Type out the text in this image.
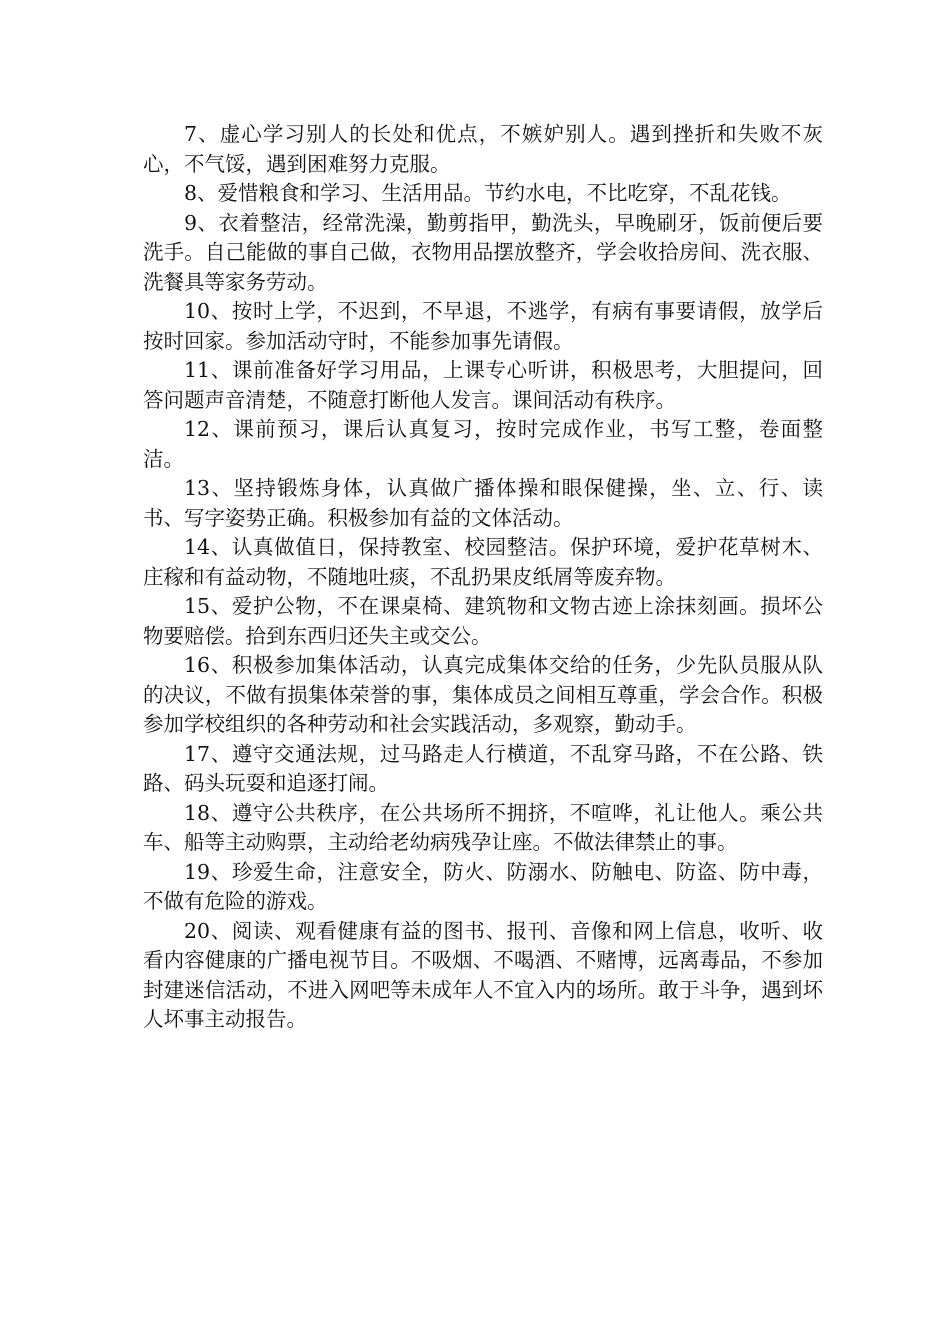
7、虚心学习别人的长处和优点，不嫉妒别人。遇到挫折和失败不灰心，不气馁，遇到困难努力克服。

8、爱惜粮食和学习、生活用品。节约水电，不比吃穿，不乱花钱。

9、衣着整洁，经常洗澡，勤剪指甲，勤洗头，早晚刷牙，饭前便后要洗手。自己能做的事自己做，衣物用品摆放整齐，学会收拾房间、洗衣服、洗餐具等家务劳动。

10、按时上学，不迟到，不早退，不逃学，有病有事要请假，放学后按时回家。参加活动守时，不能参加事先请假。

11、课前准备好学习用品，上课专心听讲，积极思考，大胆提问，回答问题声音清楚，不随意打断他人发言。课间活动有秩序。

12、课前预习，课后认真复习，按时完成作业，书写工整，卷面整洁。

13、坚持锻炼身体，认真做广播体操和眼保健操，坐、立、行、读书、写字姿势正确。积极参加有益的文体活动。

14、认真做值日，保持教室、校园整洁。保护环境，爱护花草树木、庄稼和有益动物，不随地吐痰，不乱扔果皮纸屑等废弃物。

15、爱护公物，不在课桌椅、建筑物和文物古迹上涂抹刻画。损坏公物要赔偿。拾到东西归还失主或交公。

16、积极参加集体活动，认真完成集体交给的任务，少先队员服从队的决议，不做有损集体荣誉的事，集体成员之间相互尊重，学会合作。积极参加学校组织的各种劳动和社会实践活动，多观察，勤动手。

17、遵守交通法规，过马路走人行横道，不乱穿马路，不在公路、铁路、码头玩耍和追逐打闹。

18、遵守公共秩序，在公共场所不拥挤，不喧哗，礼让他人。乘公共车、船等主动购票，主动给老幼病残孕让座。不做法律禁止的事。

19、珍爱生命，注意安全，防火、防溺水、防触电、防盗、防中毒，不做有危险的游戏。

20、阅读、观看健康有益的图书、报刊、音像和网上信息，收听、收看内容健康的广播电视节目。不吸烟、不喝酒、不赌博，远离毒品，不参加封建迷信活动，不进入网吧等未成年人不宜入内的场所。敢于斗争，遇到坏人坏事主动报告。
